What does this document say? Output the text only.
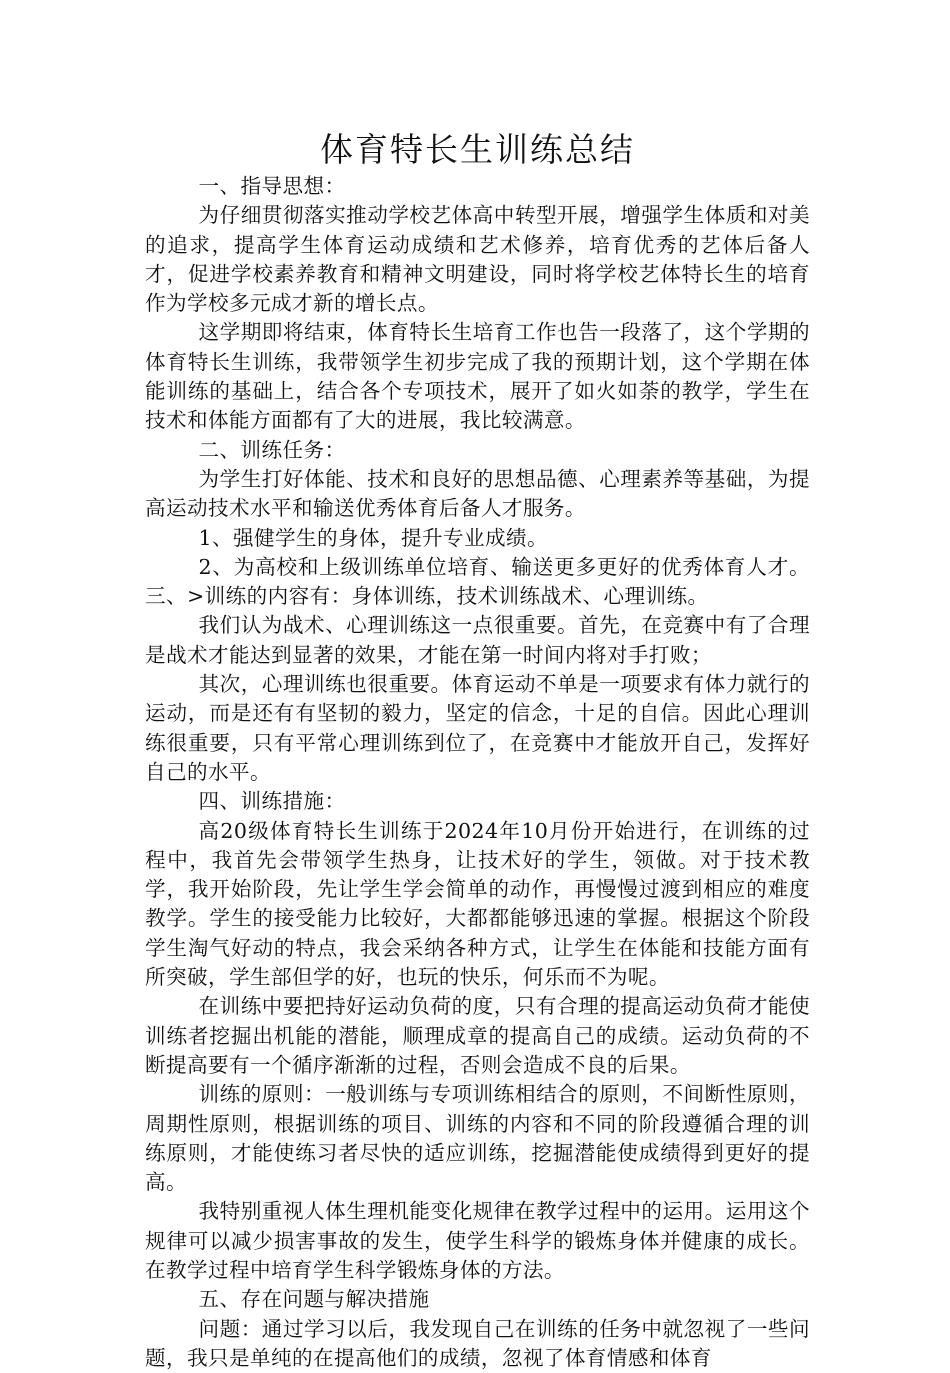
体育特长生训练总结

一、指导思想：

为仔细贯彻落实推动学校艺体高中转型开展，增强学生体质和对美的追求，提高学生体育运动成绩和艺术修养，培育优秀的艺体后备人才，促进学校素养教育和精神文明建设，同时将学校艺体特长生的培育作为学校多元成才新的增长点。

这学期即将结束，体育特长生培育工作也告一段落了，这个学期的体育特长生训练，我带领学生初步完成了我的预期计划，这个学期在体能训练的基础上，结合各个专项技术，展开了如火如荼的教学，学生在技术和体能方面都有了大的进展，我比较满意。

二、训练任务：

为学生打好体能、技术和良好的思想品德、心理素养等基础，为提高运动技术水平和输送优秀体育后备人才服务。

1、强健学生的身体，提升专业成绩。

2、为高校和上级训练单位培育、输送更多更好的优秀体育人才。三、>训练的内容有：身体训练，技术训练战术、心理训练。

我们认为战术、心理训练这一点很重要。首先，在竞赛中有了合理是战术才能达到显著的效果，才能在第一时间内将对手打败；

其次，心理训练也很重要。体育运动不单是一项要求有体力就行的运动，而是还有有坚韧的毅力，坚定的信念，十足的自信。因此心理训练很重要，只有平常心理训练到位了，在竞赛中才能放开自己，发挥好自己的水平。

四、训练措施：

高20级体育特长生训练于2024年10月份开始进行，在训练的过程中，我首先会带领学生热身，让技术好的学生，领做。对于技术教学，我开始阶段，先让学生学会简单的动作，再慢慢过渡到相应的难度教学。学生的接受能力比较好，大都都能够迅速的掌握。根据这个阶段学生淘气好动的特点，我会采纳各种方式，让学生在体能和技能方面有所突破，学生部但学的好，也玩的快乐，何乐而不为呢。

在训练中要把持好运动负荷的度，只有合理的提高运动负荷才能使训练者挖掘出机能的潜能，顺理成章的提高自己的成绩。运动负荷的不断提高要有一个循序渐渐的过程，否则会造成不良的后果。

训练的原则：一般训练与专项训练相结合的原则，不间断性原则，周期性原则，根据训练的项目、训练的内容和不同的阶段遵循合理的训练原则，才能使练习者尽快的适应训练，挖掘潜能使成绩得到更好的提高。

我特别重视人体生理机能变化规律在教学过程中的运用。运用这个规律可以减少损害事故的发生，使学生科学的锻炼身体并健康的成长。在教学过程中培育学生科学锻炼身体的方法。

五、存在问题与解决措施

问题：通过学习以后，我发现自己在训练的任务中就忽视了一些问题，我只是单纯的在提高他们的成绩，忽视了体育情感和体育
